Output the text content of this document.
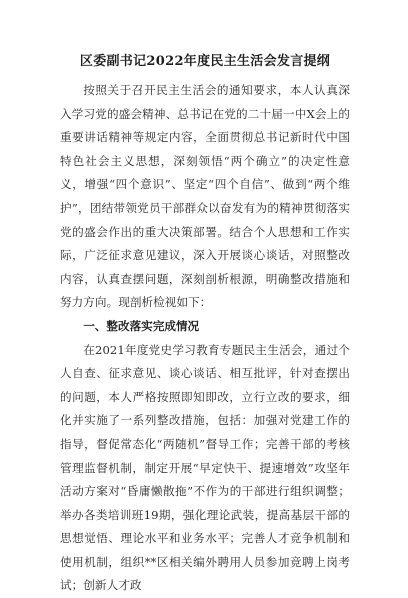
区委副书记2022年度民主生活会发言提纲

按照关于召开民主生活会的通知要求，本人认真深入学习党的盛会精神、总书记在党的二十届一中X会上的重要讲话精神等规定内容，全面贯彻总书记新时代中国特色社会主义思想，深刻领悟“两个确立”的决定性意义，增强“四个意识”、坚定“四个自信”、做到“两个维护”，团结带领党员干部群众以奋发有为的精神贯彻落实党的盛会作出的重大决策部署。结合个人思想和工作实际，广泛征求意见建议，深入开展谈心谈话，对照整改内容，认真查摆问题，深刻剖析根源，明确整改措施和努力方向。现剖析检视如下：

一、整改落实完成情况

在2021年度党史学习教育专题民主生活会，通过个人自查、征求意见、谈心谈话、相互批评，针对查摆出的问题，本人严格按照即知即改，立行立改的要求，细化并实施了一系列整改措施，包括：加强对党建工作的指导，督促常态化“两随机”督导工作；完善干部的考核管理监督机制，制定开展“早定快干、提速增效”攻坚年活动方案对“昏庸懒散拖”不作为的干部进行组织调整；举办各类培训班19期，强化理论武装，提高基层干部的思想觉悟、理论水平和业务水平；完善人才竞争机制和使用机制，组织**区相关编外聘用人员参加竞聘上岗考试；创新人才政
